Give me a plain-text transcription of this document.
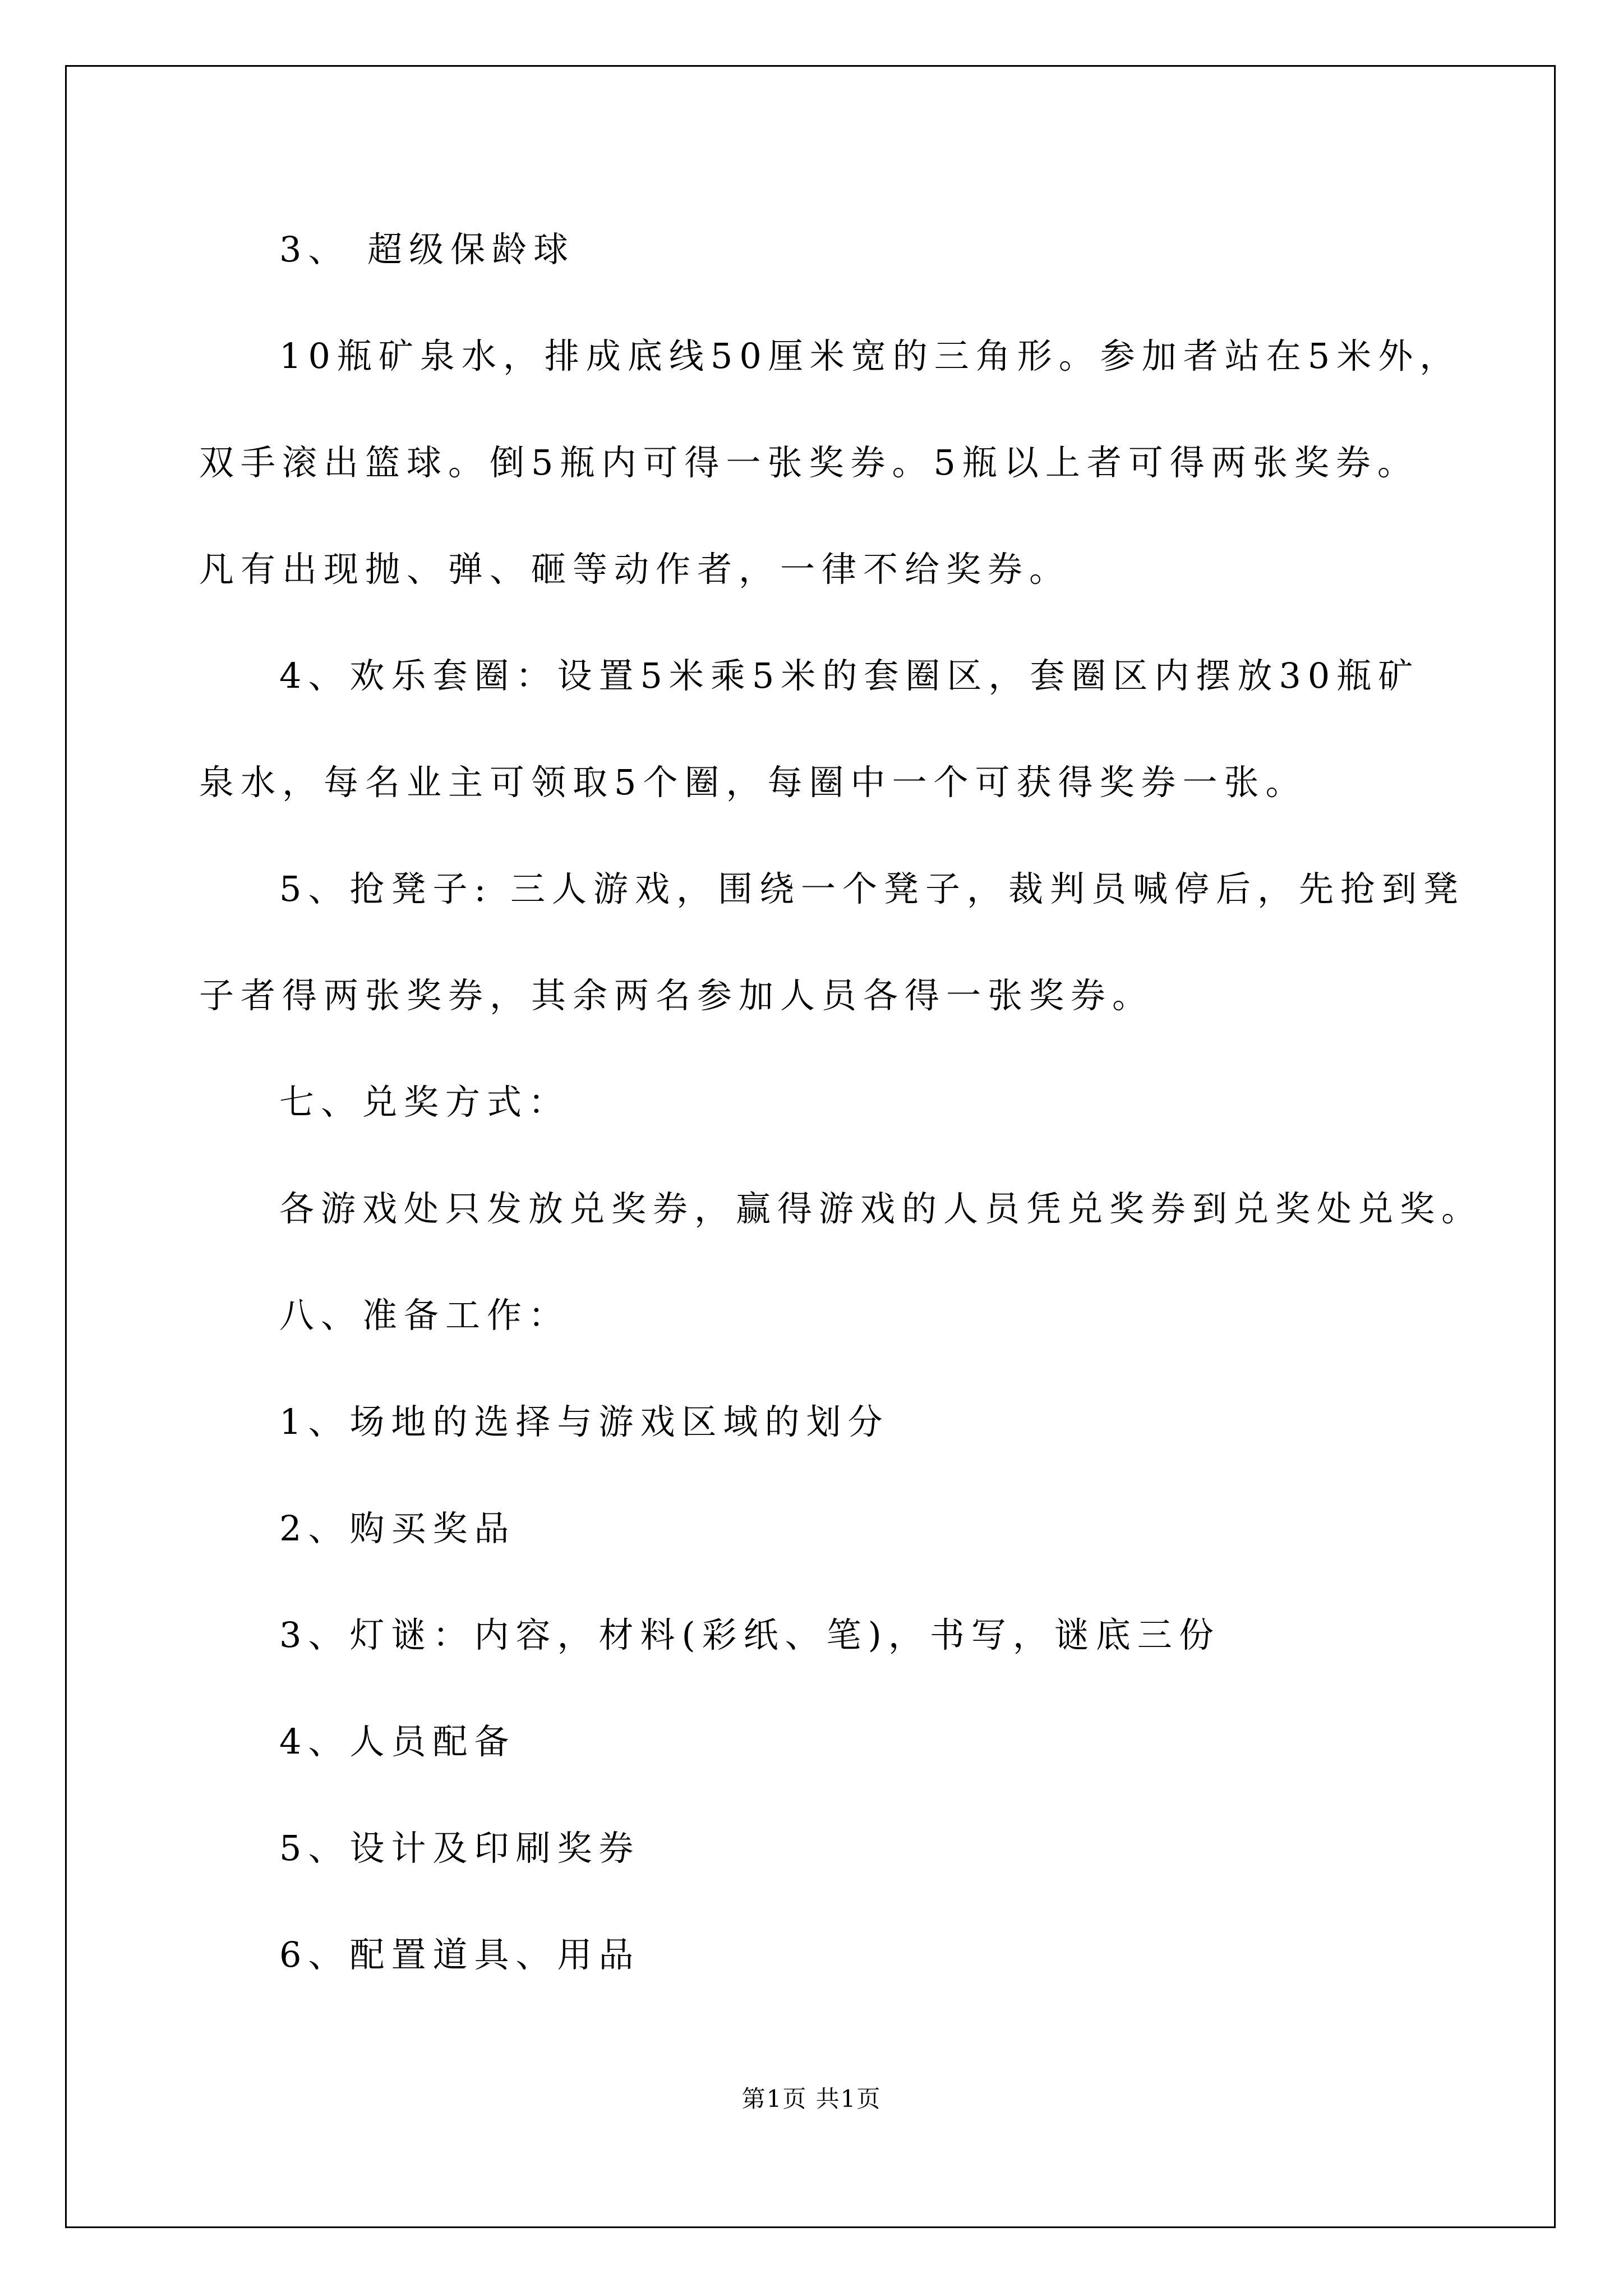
3、 超级保龄球
10瓶矿泉水，排成底线50厘米宽的三角形。参加者站在5米外，
双手滚出篮球。倒5瓶内可得一张奖券。5瓶以上者可得两张奖券。
凡有出现抛、弹、砸等动作者，一律不给奖券。
4、欢乐套圈：设置5米乘5米的套圈区，套圈区内摆放30瓶矿
泉水，每名业主可领取5个圈，每圈中一个可获得奖券一张。
5、抢凳子: 三人游戏，围绕一个凳子，裁判员喊停后，先抢到凳
子者得两张奖券，其余两名参加人员各得一张奖券。
七、兑奖方式：
各游戏处只发放兑奖券，赢得游戏的人员凭兑奖券到兑奖处兑奖。
八、准备工作：
1、场地的选择与游戏区域的划分
2、购买奖品
3、灯谜：内容，材料(彩纸、笔)，书写，谜底三份
4、人员配备
5、设计及印刷奖券
6、配置道具、用品
第1页 共1页
